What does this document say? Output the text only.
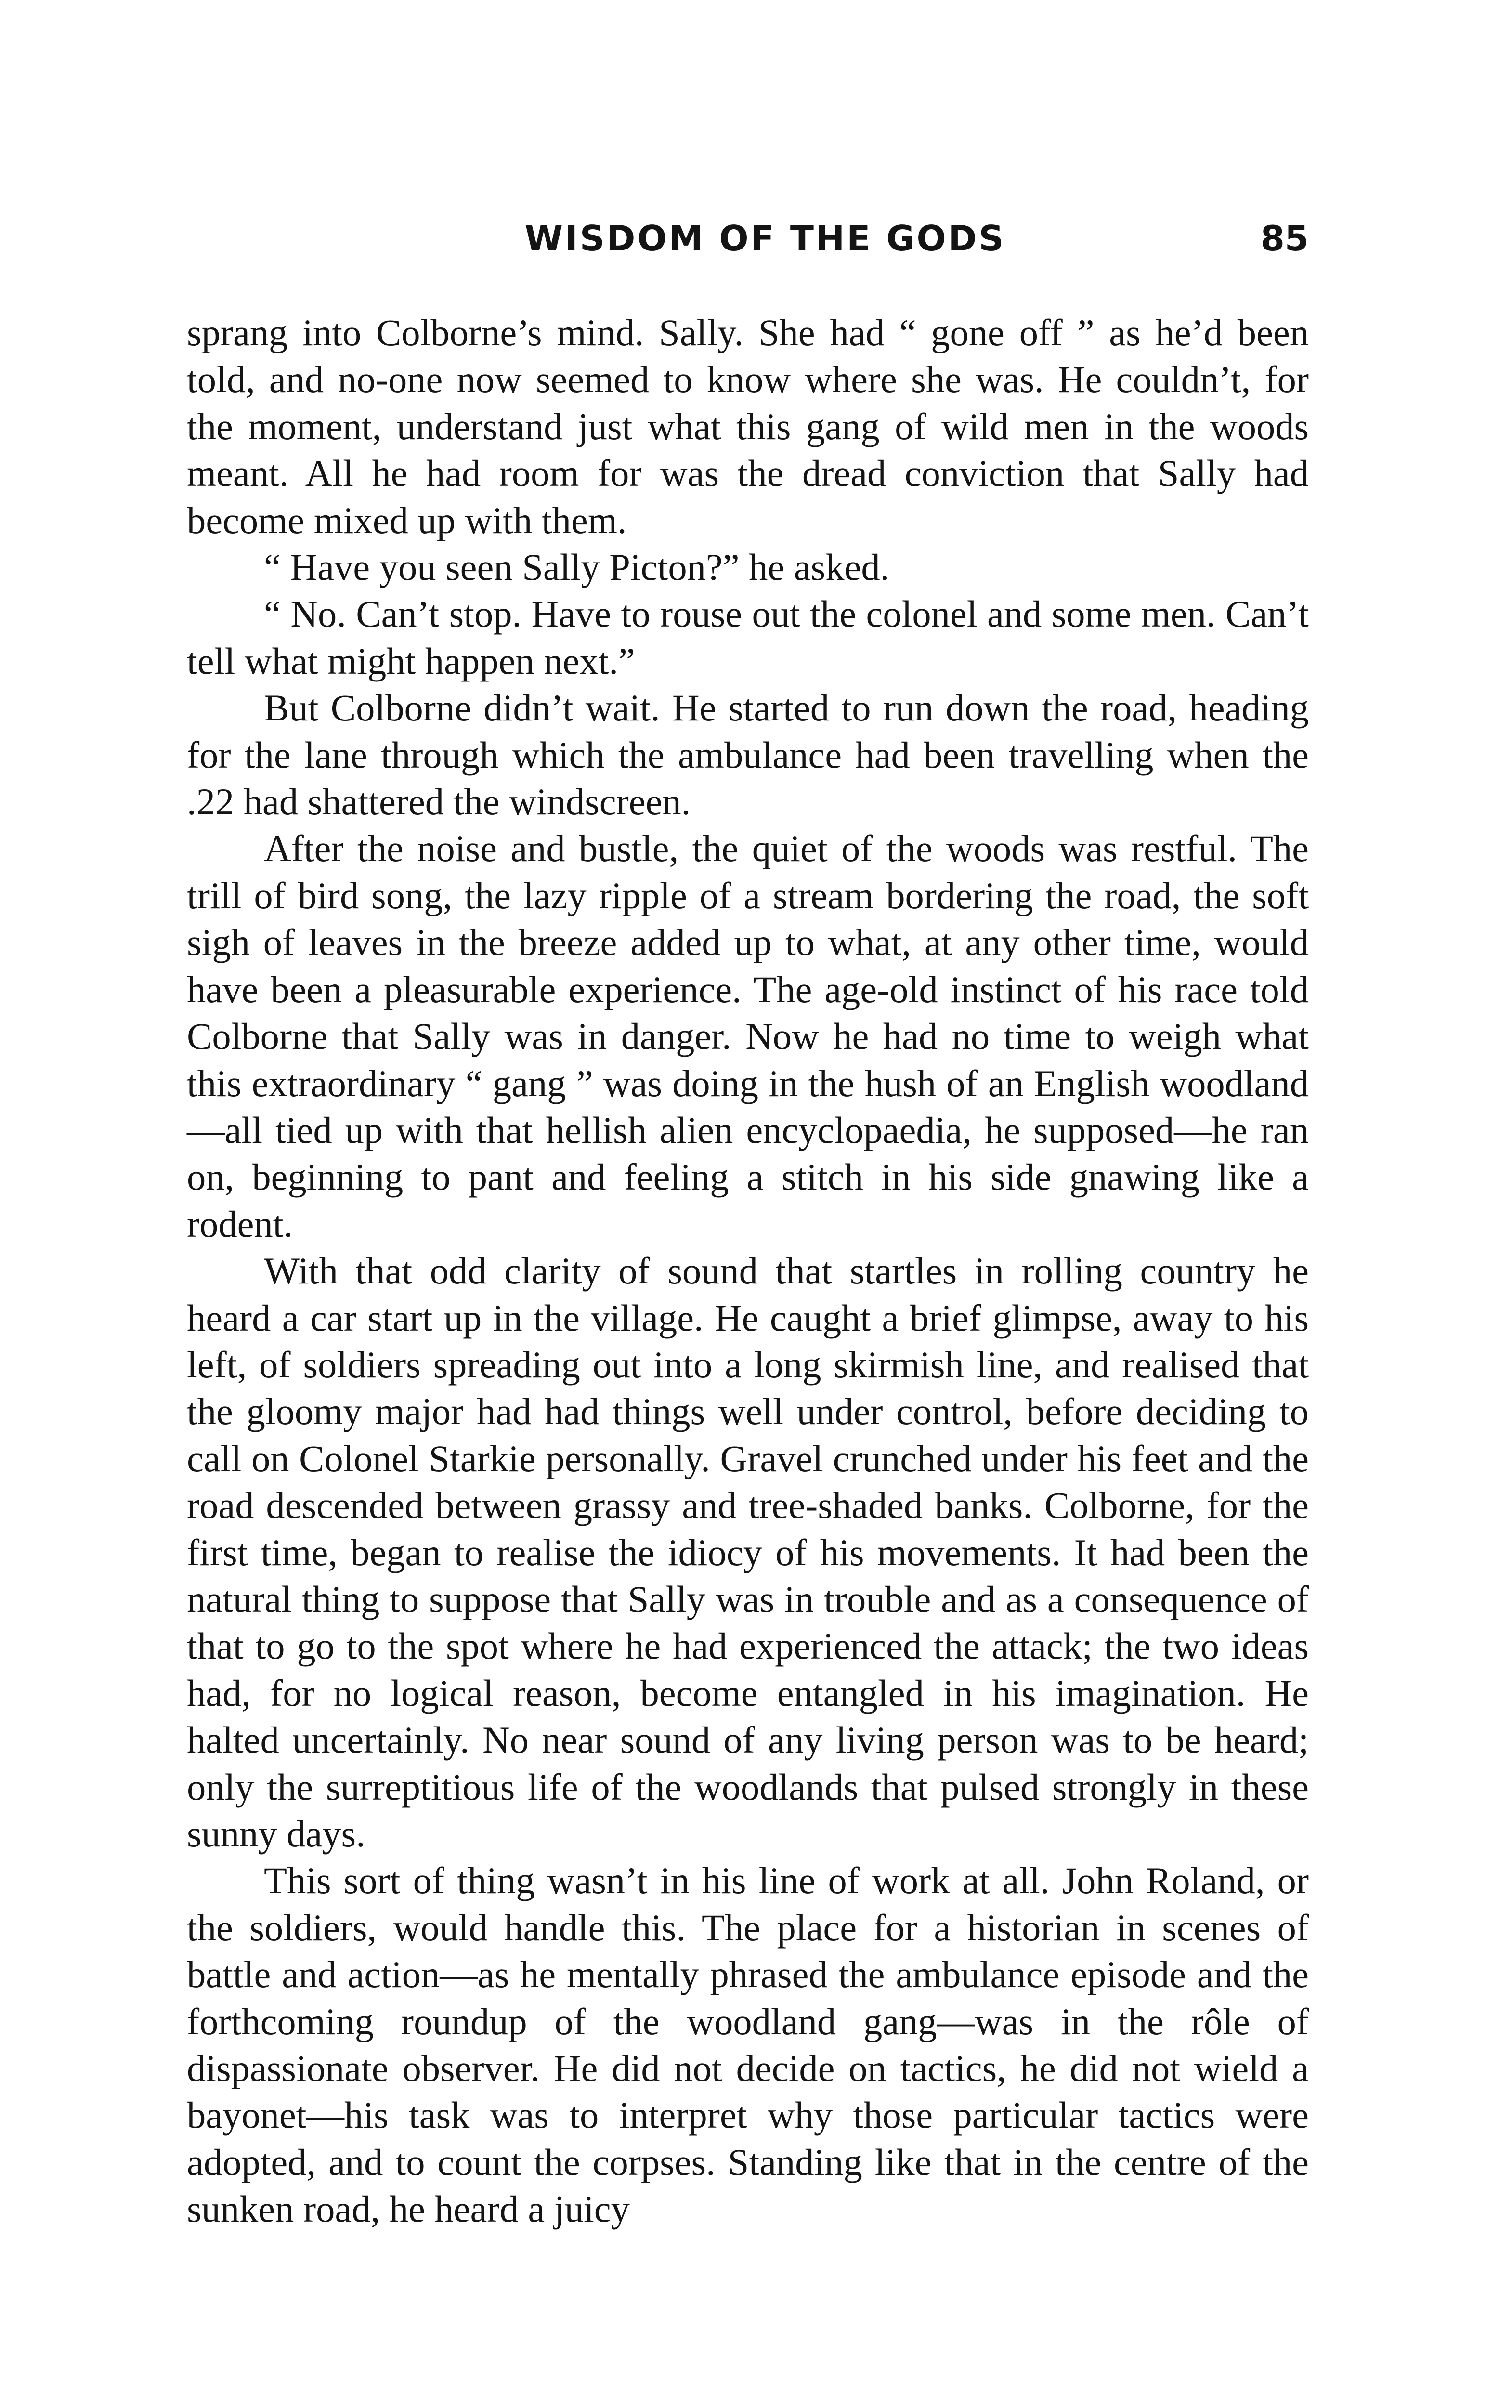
WISDOM OF THE GODS	85

sprang into Colborne’s mind. Sally. She had “ gone off ” as he’d been told, and no-one now seemed to know where she was. He couldn’t, for the moment, understand just what this gang of wild men in the woods meant. All he had room for was the dread conviction that Sally had become mixed up with them.

“ Have you seen Sally Picton?” he asked.

“ No. Can’t stop. Have to rouse out the colonel and some men. Can’t tell what might happen next.”

But Colborne didn’t wait. He started to run down the road, heading for the lane through which the ambulance had been travelling when the .22 had shattered the windscreen.

After the noise and bustle, the quiet of the woods was restful. The trill of bird song, the lazy ripple of a stream bordering the road, the soft sigh of leaves in the breeze added up to what, at any other time, would have been a pleasurable experience. The age-old instinct of his race told Colborne that Sally was in danger. Now he had no time to weigh what this extraordinary “ gang ” was doing in the hush of an English woodland—all tied up with that hellish alien encyclopaedia, he supposed—he ran on, beginning to pant and feeling a stitch in his side gnawing like a rodent.

With that odd clarity of sound that startles in rolling country he heard a car start up in the village. He caught a brief glimpse, away to his left, of soldiers spreading out into a long skirmish line, and realised that the gloomy major had had things well under control, before deciding to call on Colonel Starkie personally. Gravel crunched under his feet and the road descended between grassy and tree-shaded banks. Colborne, for the first time, began to realise the idiocy of his movements. It had been the natural thing to suppose that Sally was in trouble and as a consequence of that to go to the spot where he had experienced the attack; the two ideas had, for no logical reason, become entangled in his imagination. He halted uncertainly. No near sound of any living person was to be heard; only the surreptitious life of the woodlands that pulsed strongly in these sunny days.

This sort of thing wasn’t in his line of work at all. John Roland, or the soldiers, would handle this. The place for a historian in scenes of battle and action—as he mentally phrased the ambulance episode and the forthcoming roundup of the woodland gang—was in the rôle of dispassionate observer. He did not decide on tactics, he did not wield a bayonet—his task was to interpret why those particular tactics were adopted, and to count the corpses. Standing like that in the centre of the sunken road, he heard a juicy
